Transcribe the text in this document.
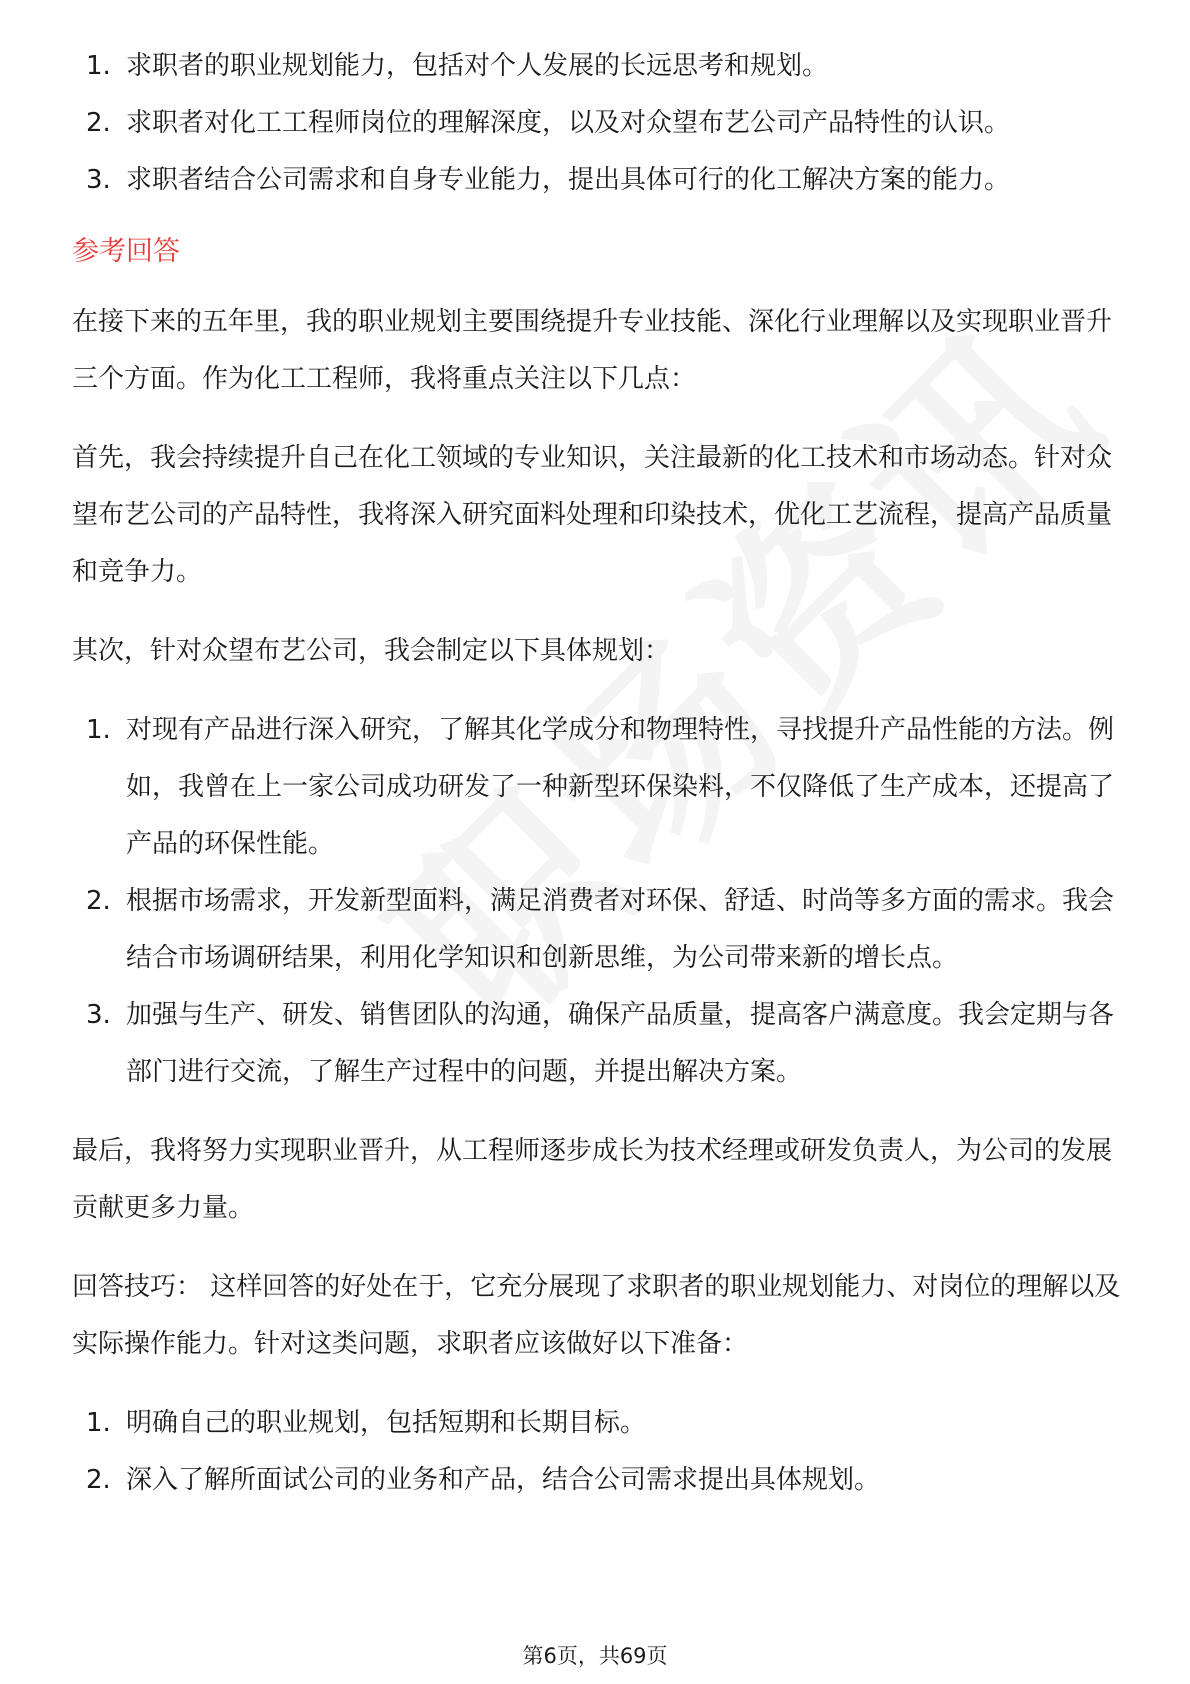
1. 求职者的职业规划能力，包括对个人发展的长远思考和规划。
2. 求职者对化工工程师岗位的理解深度，以及对众望布艺公司产品特性的认识。
3. 求职者结合公司需求和自身专业能力，提出具体可行的化工解决方案的能力。

参考回答

在接下来的五年里，我的职业规划主要围绕提升专业技能、深化行业理解以及实现职业晋升三个方面。作为化工工程师，我将重点关注以下几点：

首先，我会持续提升自己在化工领域的专业知识，关注最新的化工技术和市场动态。针对众望布艺公司的产品特性，我将深入研究面料处理和印染技术，优化工艺流程，提高产品质量和竞争力。

其次，针对众望布艺公司，我会制定以下具体规划：

1. 对现有产品进行深入研究，了解其化学成分和物理特性，寻找提升产品性能的方法。例如，我曾在上一家公司成功研发了一种新型环保染料，不仅降低了生产成本，还提高了产品的环保性能。
2. 根据市场需求，开发新型面料，满足消费者对环保、舒适、时尚等多方面的需求。我会结合市场调研结果，利用化学知识和创新思维，为公司带来新的增长点。
3. 加强与生产、研发、销售团队的沟通，确保产品质量，提高客户满意度。我会定期与各部门进行交流，了解生产过程中的问题，并提出解决方案。

最后，我将努力实现职业晋升，从工程师逐步成长为技术经理或研发负责人，为公司的发展贡献更多力量。

回答技巧： 这样回答的好处在于，它充分展现了求职者的职业规划能力、对岗位的理解以及实际操作能力。针对这类问题，求职者应该做好以下准备：

1. 明确自己的职业规划，包括短期和长期目标。
2. 深入了解所面试公司的业务和产品，结合公司需求提出具体规划。
第6页，共69页
